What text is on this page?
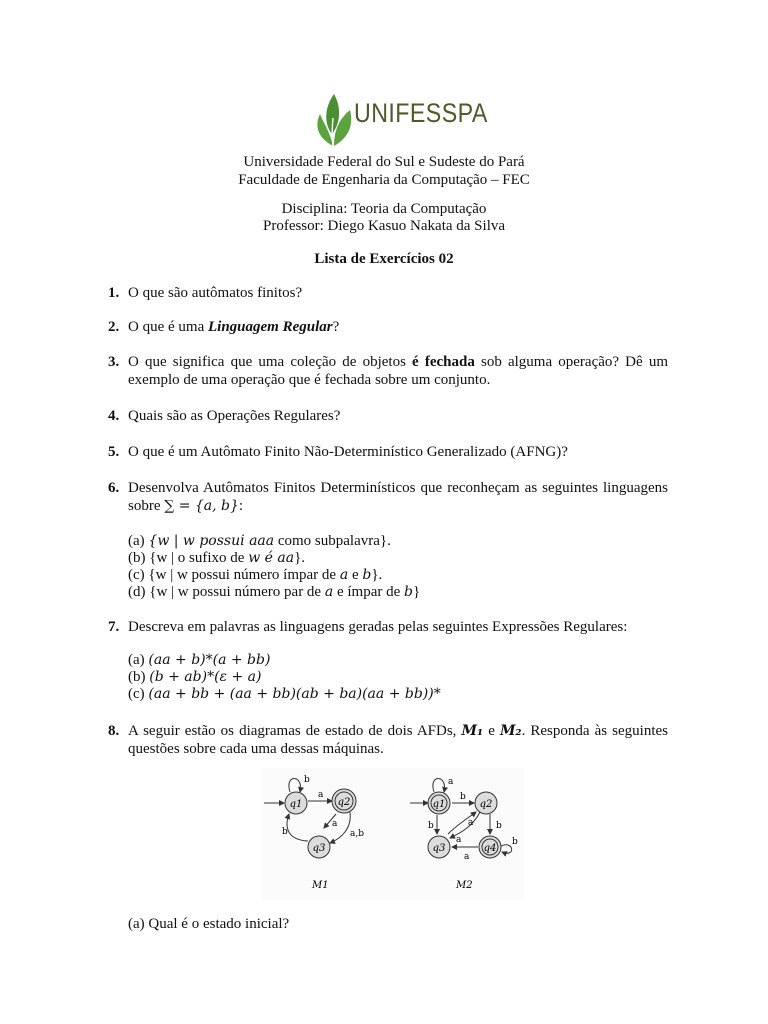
UNIFESSPA
Universidade Federal do Sul e Sudeste do Pará
Faculdade de Engenharia da Computação – FEC
Disciplina: Teoria da Computação
Professor: Diego Kasuo Nakata da Silva
Lista de Exercícios 02
1. O que são autômatos finitos?
2. O que é uma Linguagem Regular?
3. O que significa que uma coleção de objetos é fechada sob alguma operação? Dê um exemplo de uma operação que é fechada sobre um conjunto.
4. Quais são as Operações Regulares?
5. O que é um Autômato Finito Não-Determinístico Generalizado (AFNG)?
6. Desenvolva Autômatos Finitos Determinísticos que reconheçam as seguintes linguagens sobre ∑ = {a, b}:
(a) {w | w possui aaa como subpalavra}.
(b) {w | o sufixo de w é aa}.
(c) {w | w possui número ímpar de a e b}.
(d) {w | w possui número par de a e ímpar de b}
7. Descreva em palavras as linguagens geradas pelas seguintes Expressões Regulares:
(a) (aa + b)*(a + bb)
(b) (b + ab)*(ε + a)
(c) (aa + bb + (aa + bb)(ab + ba)(aa + bb))*
8. A seguir estão os diagramas de estado de dois AFDs, M₁ e M₂. Responda às seguintes questões sobre cada uma dessas máquinas.
q1	q2
q3
b
a
a
b	a,b
M1
q1	q2
q3	q4
a
b
b	a	b
a	b
a
M2
(a) Qual é o estado inicial?
